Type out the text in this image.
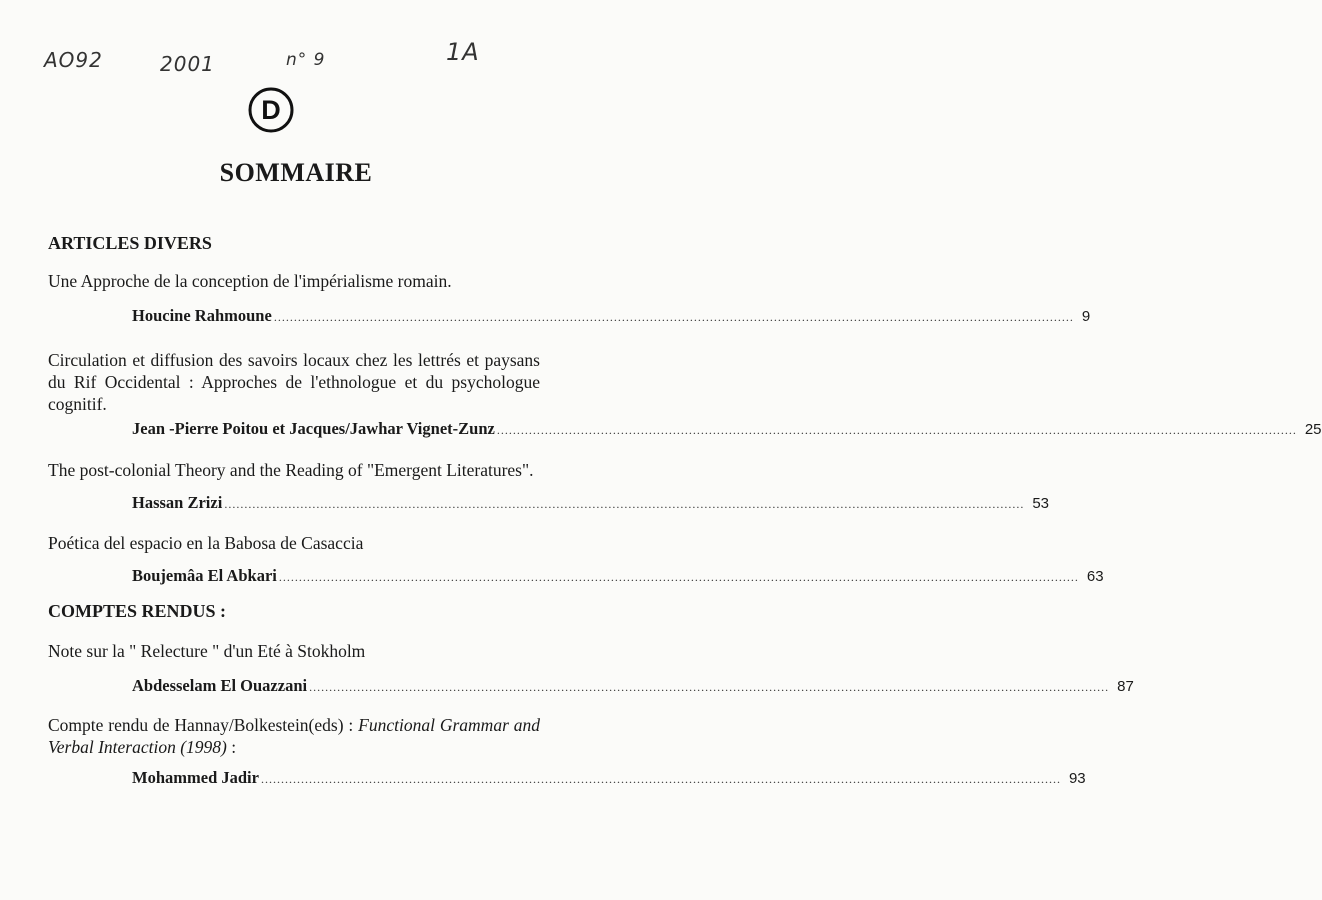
AO92	2001	n° 9	1A
D
SOMMAIRE
ARTICLES DIVERS
Une Approche de la conception de l'impérialisme romain.
Houcine Rahmoune ........................................................................................................................................................................................................ 9
Circulation et diffusion des savoirs locaux chez les lettrés et paysans du Rif Occidental : Approches de l'ethnologue et du psychologue cognitif.
Jean -Pierre Poitou et Jacques/Jawhar Vignet-Zunz ........................................................................................................................................................................................................ 25
The post-colonial Theory and the Reading of "Emergent Literatures".
Hassan Zrizi ........................................................................................................................................................................................................ 53
Poética del espacio en la Babosa de Casaccia
Boujemâa El Abkari ........................................................................................................................................................................................................ 63
COMPTES RENDUS :
Note sur la " Relecture " d'un Eté à Stokholm
Abdesselam El Ouazzani ........................................................................................................................................................................................................ 87
Compte rendu de Hannay/Bolkestein(eds) : Functional Grammar and Verbal Interaction (1998) :
Mohammed Jadir ........................................................................................................................................................................................................ 93
